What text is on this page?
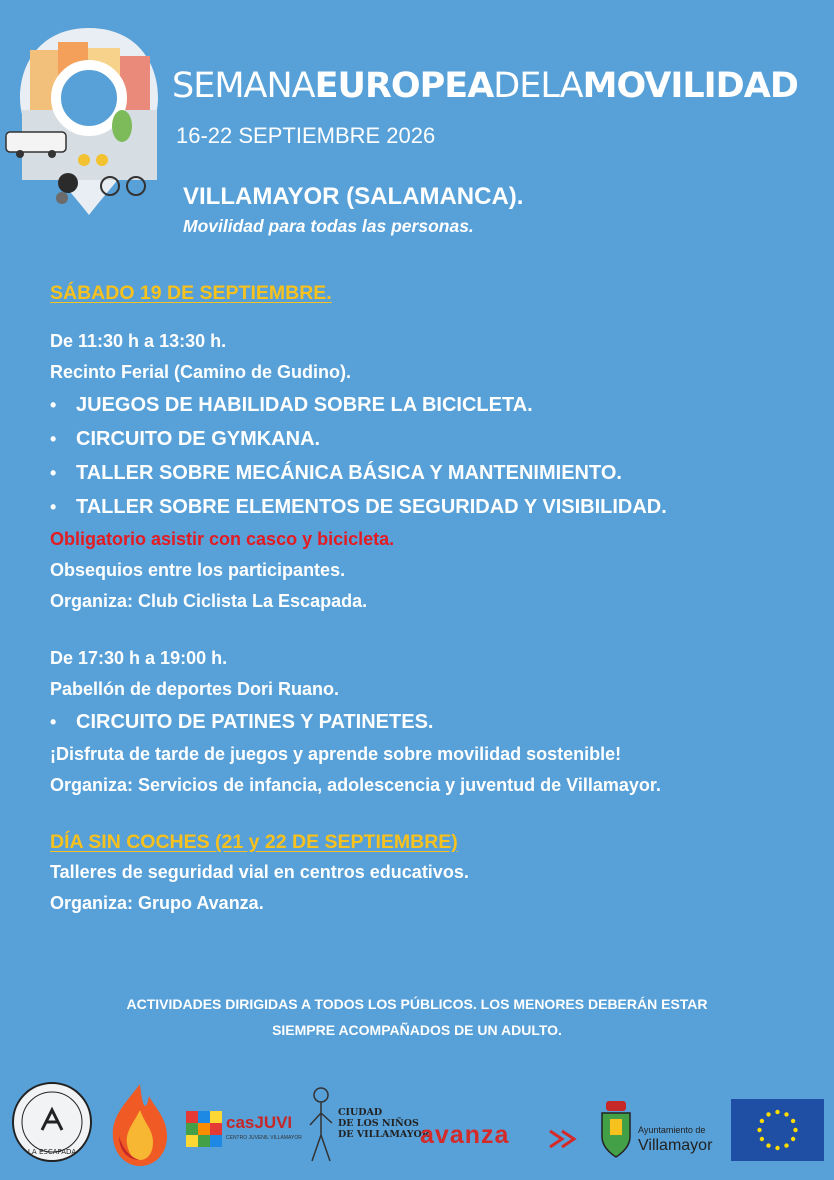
SEMANAEUROPEADELAMOVILIDAD
16-22 SEPTIEMBRE 2026
VILLAMAYOR (SALAMANCA).
Movilidad para todas las personas.
SÁBADO 19 DE SEPTIEMBRE.
De 11:30 h a 13:30 h.
Recinto Ferial (Camino de Gudino).
• JUEGOS DE HABILIDAD SOBRE LA BICICLETA.
• CIRCUITO DE GYMKANA.
• TALLER SOBRE MECÁNICA BÁSICA Y MANTENIMIENTO.
• TALLER SOBRE ELEMENTOS DE SEGURIDAD Y VISIBILIDAD.
Obligatorio asistir con casco y bicicleta.
Obsequios entre los participantes.
Organiza: Club Ciclista La Escapada.
De 17:30 h a 19:00 h.
Pabellón de deportes Dori Ruano.
• CIRCUITO DE PATINES Y PATINETES.
¡Disfruta de tarde de juegos y aprende sobre movilidad sostenible!
Organiza: Servicios de infancia, adolescencia y juventud de Villamayor.
DÍA SIN COCHES (21 y 22 DE SEPTIEMBRE)
Talleres de seguridad vial en centros educativos.
Organiza: Grupo Avanza.
ACTIVIDADES DIRIGIDAS A TODOS LOS PÚBLICOS. LOS MENORES DEBERÁN ESTAR
SIEMPRE ACOMPAÑADOS DE UN ADULTO.
LA ESCAPADA
casJUVI
CENTRO JUVENIL VILLAMAYOR
CIUDAD
DE LOS NIÑOS
DE VILLAMAYOR
avanza	Ayuntamiento de
Villamayor
